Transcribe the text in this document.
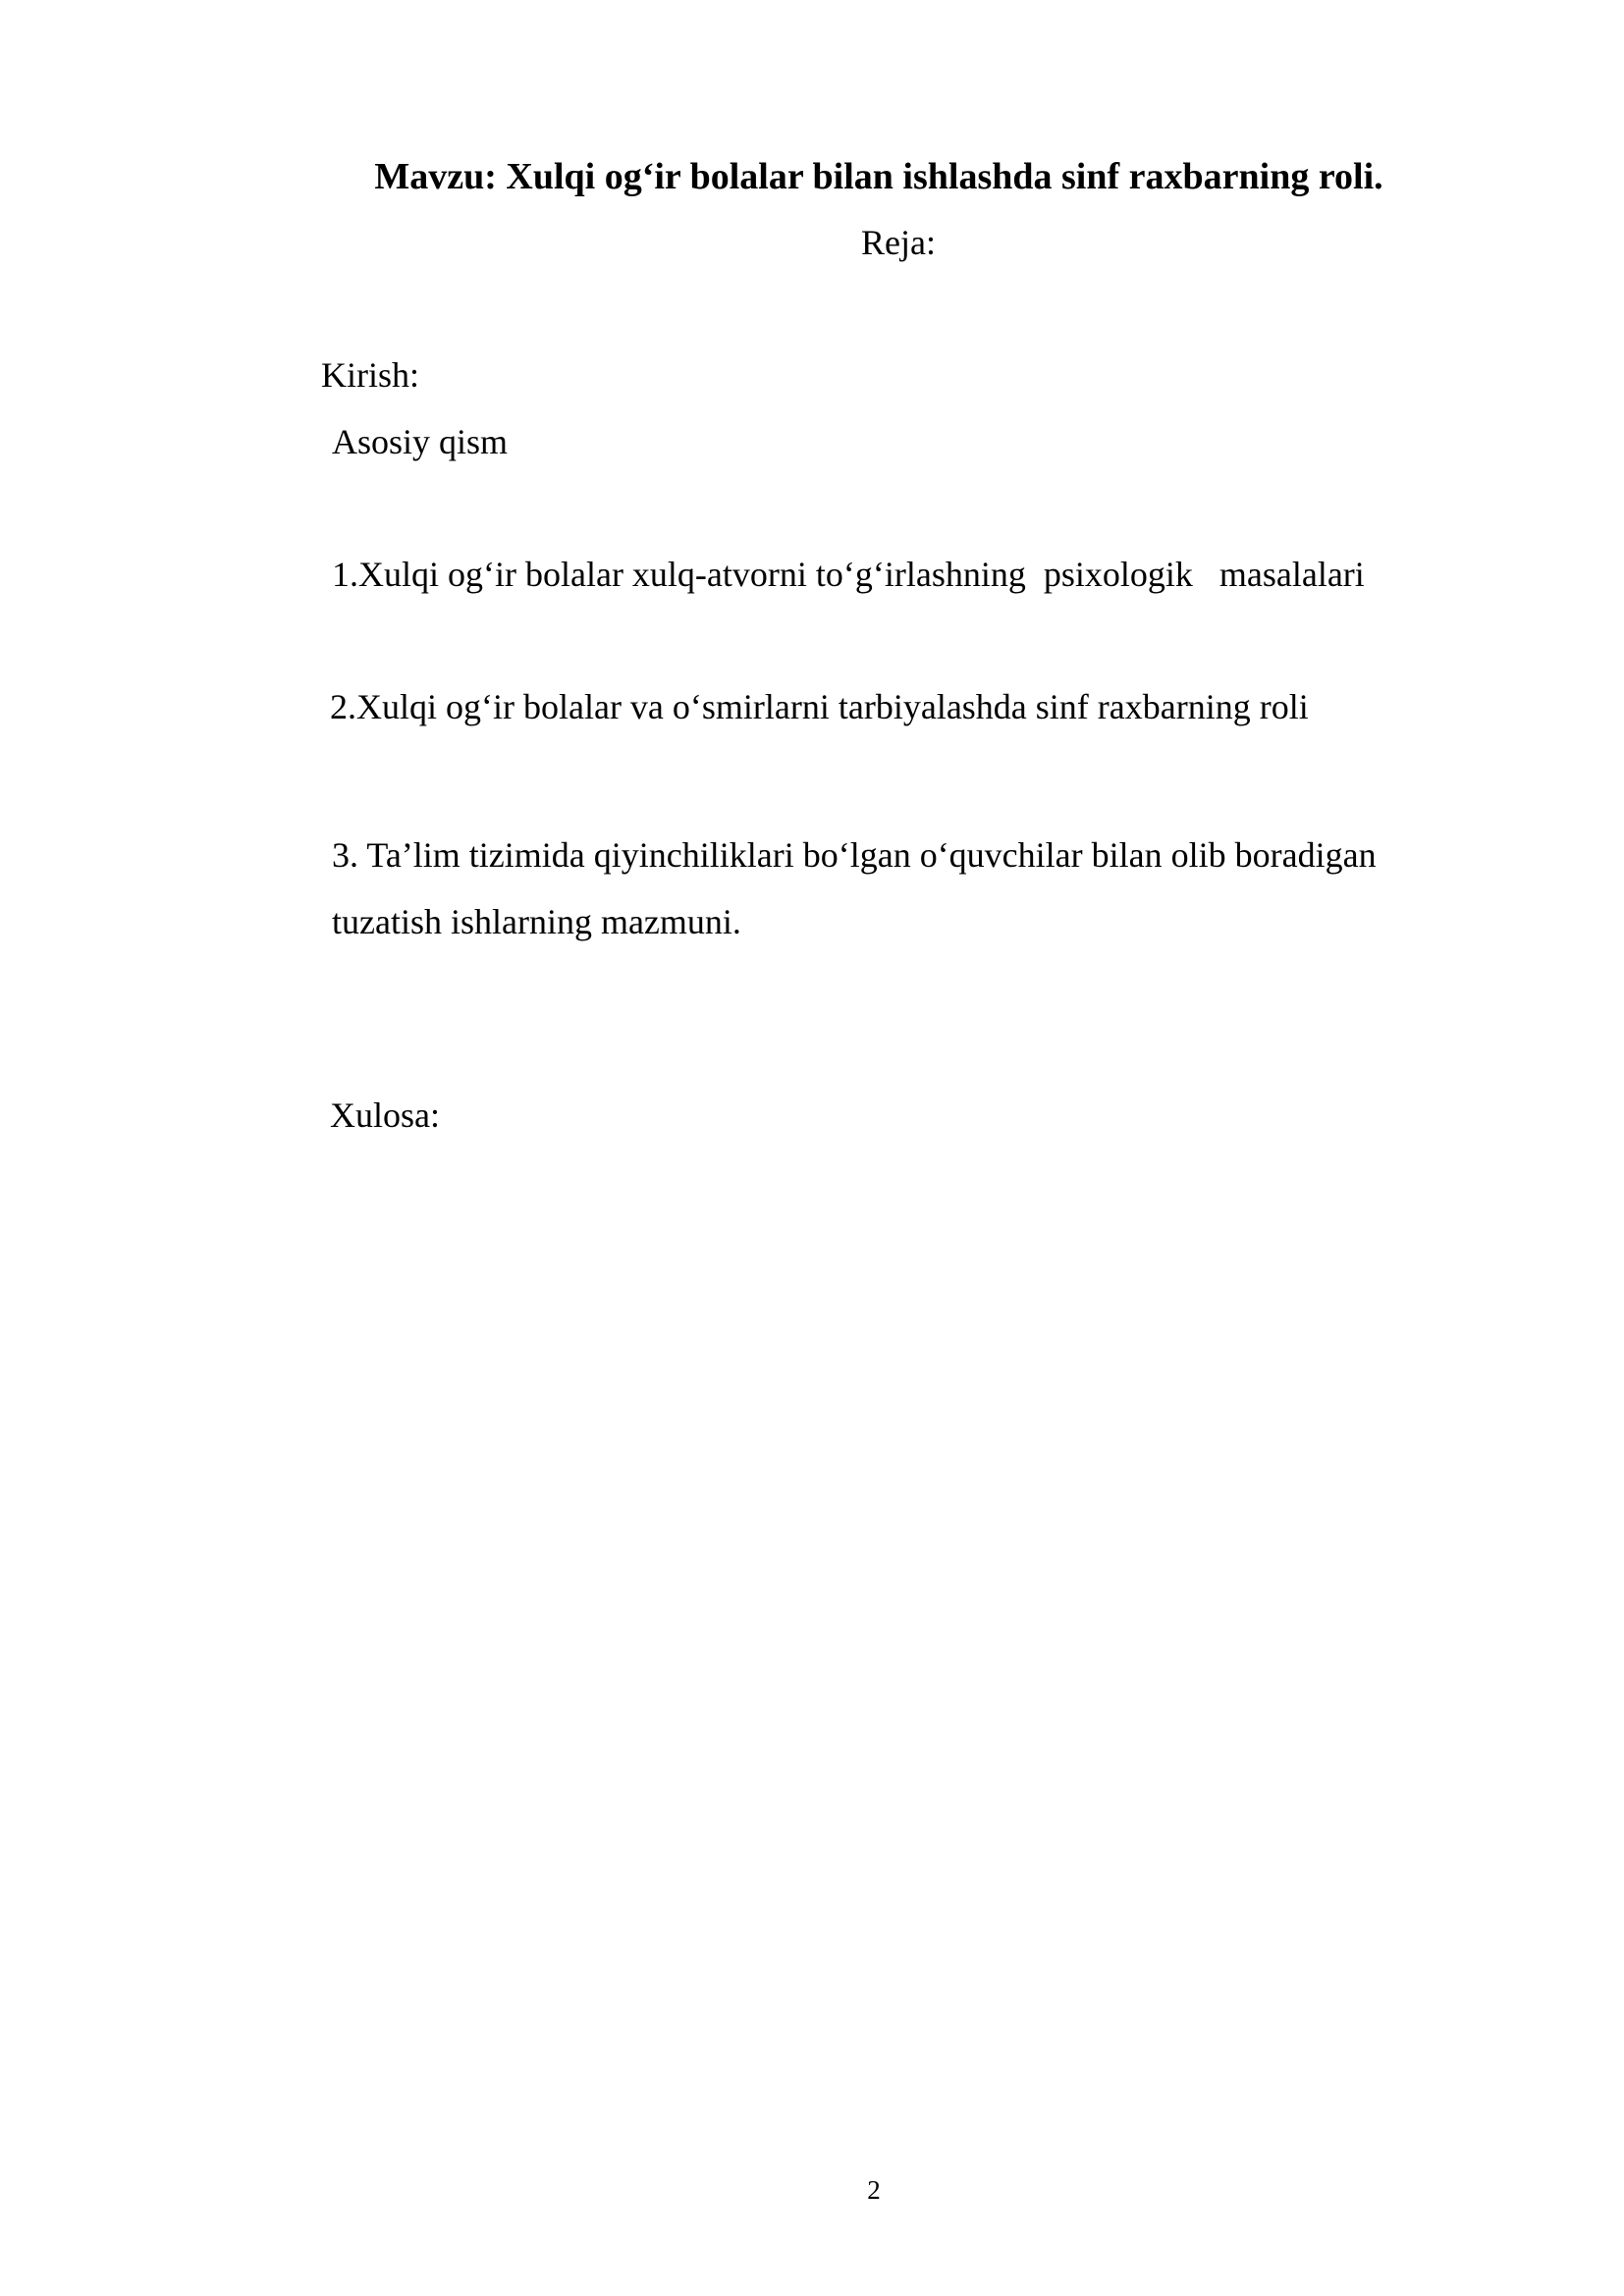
Mavzu: Xulqi og‘ir bolalar bilan ishlashda sinf raxbarning roli.
Reja:
Kirish:
Asosiy qism
1.Xulqi og‘ir bolalar xulq-atvorni to‘g‘irlashning  psixologik   masalalari
2.Xulqi og‘ir bolalar va o‘smirlarni tarbiyalashda sinf raxbarning roli
3. Ta’lim tizimida qiyinchiliklari bo‘lgan o‘quvchilar bilan olib boradigan
tuzatish ishlarning mazmuni.
Xulosa:
2
